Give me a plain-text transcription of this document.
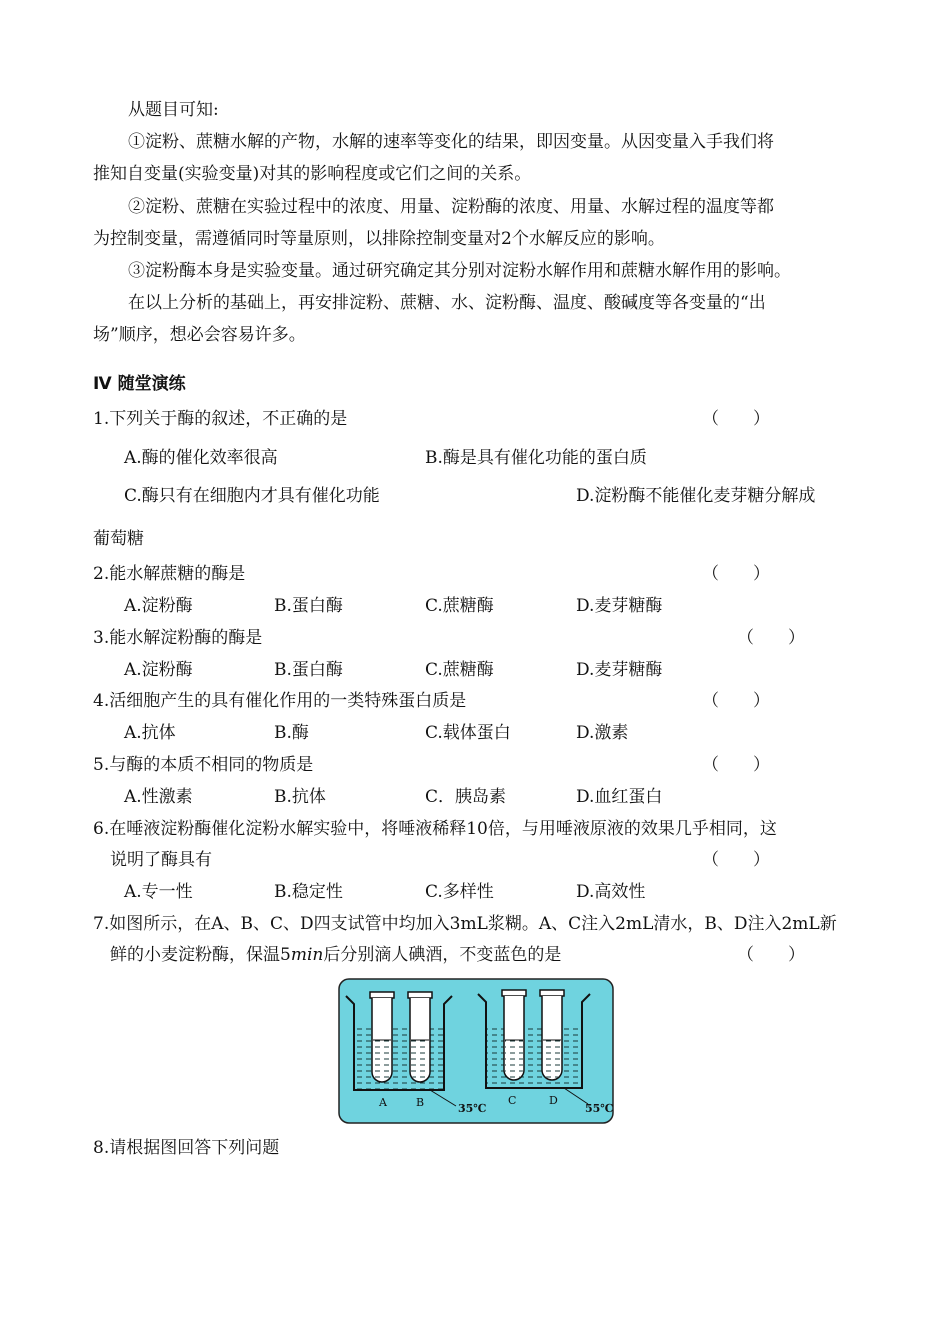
从题目可知:
①淀粉、蔗糖水解的产物，水解的速率等变化的结果，即因变量。从因变量入手我们将
推知自变量(实验变量)对其的影响程度或它们之间的关系。
②淀粉、蔗糖在实验过程中的浓度、用量、淀粉酶的浓度、用量、水解过程的温度等都
为控制变量，需遵循同时等量原则，以排除控制变量对2个水解反应的影响。
③淀粉酶本身是实验变量。通过研究确定其分别对淀粉水解作用和蔗糖水解作用的影响。
在以上分析的基础上，再安排淀粉、蔗糖、水、淀粉酶、温度、酸碱度等各变量的“出
场”顺序，想必会容易许多。
Ⅳ 随堂演练
1.下列关于酶的叙述，不正确的是	（　　）
A.酶的催化效率很高	B.酶是具有催化功能的蛋白质
C.酶只有在细胞内才具有催化功能	D.淀粉酶不能催化麦芽糖分解成
葡萄糖
2.能水解蔗糖的酶是	（　　）
A.淀粉酶	B.蛋白酶	C.蔗糖酶	D.麦芽糖酶
3.能水解淀粉酶的酶是	（　　）
A.淀粉酶	B.蛋白酶	C.蔗糖酶	D.麦芽糖酶
4.活细胞产生的具有催化作用的一类特殊蛋白质是	（　　）
A.抗体	B.酶	C.载体蛋白	D.激素
5.与酶的本质不相同的物质是	（　　）
A.性激素	B.抗体	C．胰岛素	D.血红蛋白
6.在唾液淀粉酶催化淀粉水解实验中，将唾液稀释10倍，与用唾液原液的效果几乎相同，这
说明了酶具有	（　　）
A.专一性	B.稳定性	C.多样性	D.高效性
7.如图所示，在A、B、C、D四支试管中均加入3mL浆糊。A、C注入2mL清水，B、D注入2mL新
鲜的小麦淀粉酶，保温5min后分别滴人碘酒，不变蓝色的是	（　　）
A	B	35℃
C	D
55℃
8.请根据图回答下列问题
